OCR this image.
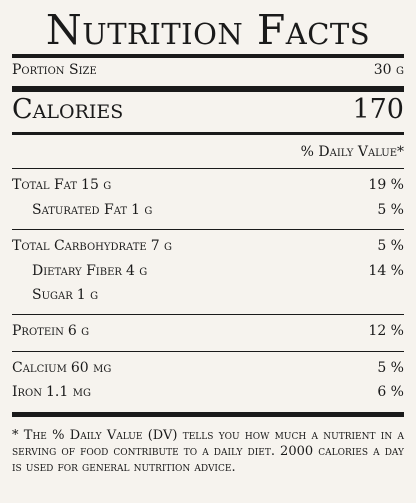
Nutrition Facts
Portion Size	30 g
Calories	170
% Daily Value*
Total Fat 15 g	19 %
Saturated Fat 1 g	5 %
Total Carbohydrate 7 g	5 %
Dietary Fiber 4 g	14 %
Sugar 1 g
Protein 6 g	12 %
Calcium 60 mg	5 %
Iron 1.1 mg	6 %
* The % Daily Value (DV) tells you how much a nutrient in a serving of food contribute to a daily diet. 2000 calories a day is used for general nutrition advice.
